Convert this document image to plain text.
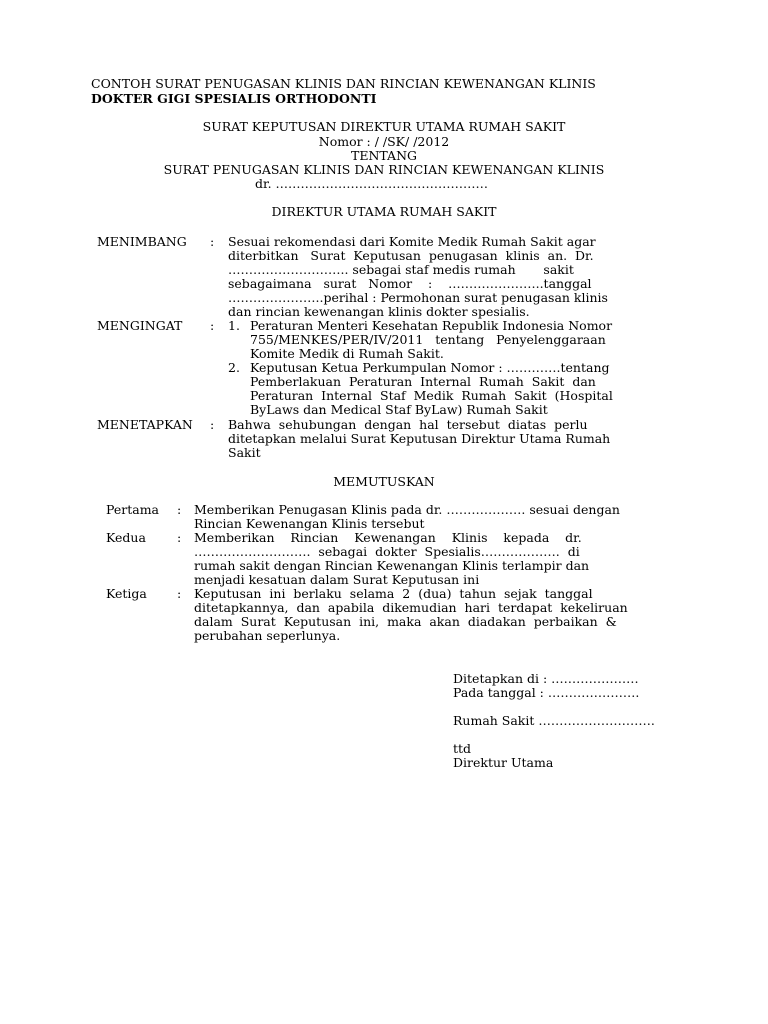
CONTOH SURAT PENUGASAN KLINIS DAN RINCIAN KEWENANGAN KLINIS
DOKTER GIGI SPESIALIS ORTHODONTI
SURAT KEPUTUSAN DIREKTUR UTAMA RUMAH SAKIT
Nomor : / /SK/ /2012
TENTANG
SURAT PENUGASAN KLINIS DAN RINCIAN KEWENANGAN KLINIS
dr. ……………………………………………
DIREKTUR UTAMA RUMAH SAKIT
MENIMBANG : Sesuai rekomendasi dari Komite Medik Rumah Sakit agar
diterbitkan   Surat  Keputusan  penugasan  klinis  an.  Dr.
……………………….. sebagai staf medis rumah       sakit
sebagaimana   surat   Nomor    :    …………………..tanggal
…………………..perihal : Permohonan surat penugasan klinis
dan rincian kewenangan klinis dokter spesialis.
MENGINGAT : 1. Peraturan Menteri Kesehatan Republik Indonesia Nomor
755/MENKES/PER/IV/2011   tentang   Penyelenggaraan
Komite Medik di Rumah Sakit.
2. Keputusan Ketua Perkumpulan Nomor : ………….tentang
Pemberlakuan  Peraturan  Internal  Rumah  Sakit  dan
Peraturan  Internal  Staf  Medik  Rumah  Sakit  (Hospital
ByLaws dan Medical Staf ByLaw) Rumah Sakit
MENETAPKAN : Bahwa  sehubungan  dengan  hal  tersebut  diatas  perlu
ditetapkan melalui Surat Keputusan Direktur Utama Rumah
Sakit
MEMUTUSKAN
Pertama : Memberikan Penugasan Klinis pada dr. ………………. sesuai dengan
Rincian Kewenangan Klinis tersebut
Kedua : Memberikan    Rincian    Kewenangan    Klinis    kepada    dr.
……………………….  sebagai  dokter  Spesialis……………….  di
rumah sakit dengan Rincian Kewenangan Klinis terlampir dan
menjadi kesatuan dalam Surat Keputusan ini
Ketiga : Keputusan  ini  berlaku  selama  2  (dua)  tahun  sejak  tanggal
ditetapkannya,  dan  apabila  dikemudian  hari  terdapat  kekeliruan
dalam  Surat  Keputusan  ini,  maka  akan  diadakan  perbaikan  &
perubahan seperlunya.
Ditetapkan di : …………………
Pada tanggal : ………………….
Rumah Sakit ……………………….
ttd
Direktur Utama
